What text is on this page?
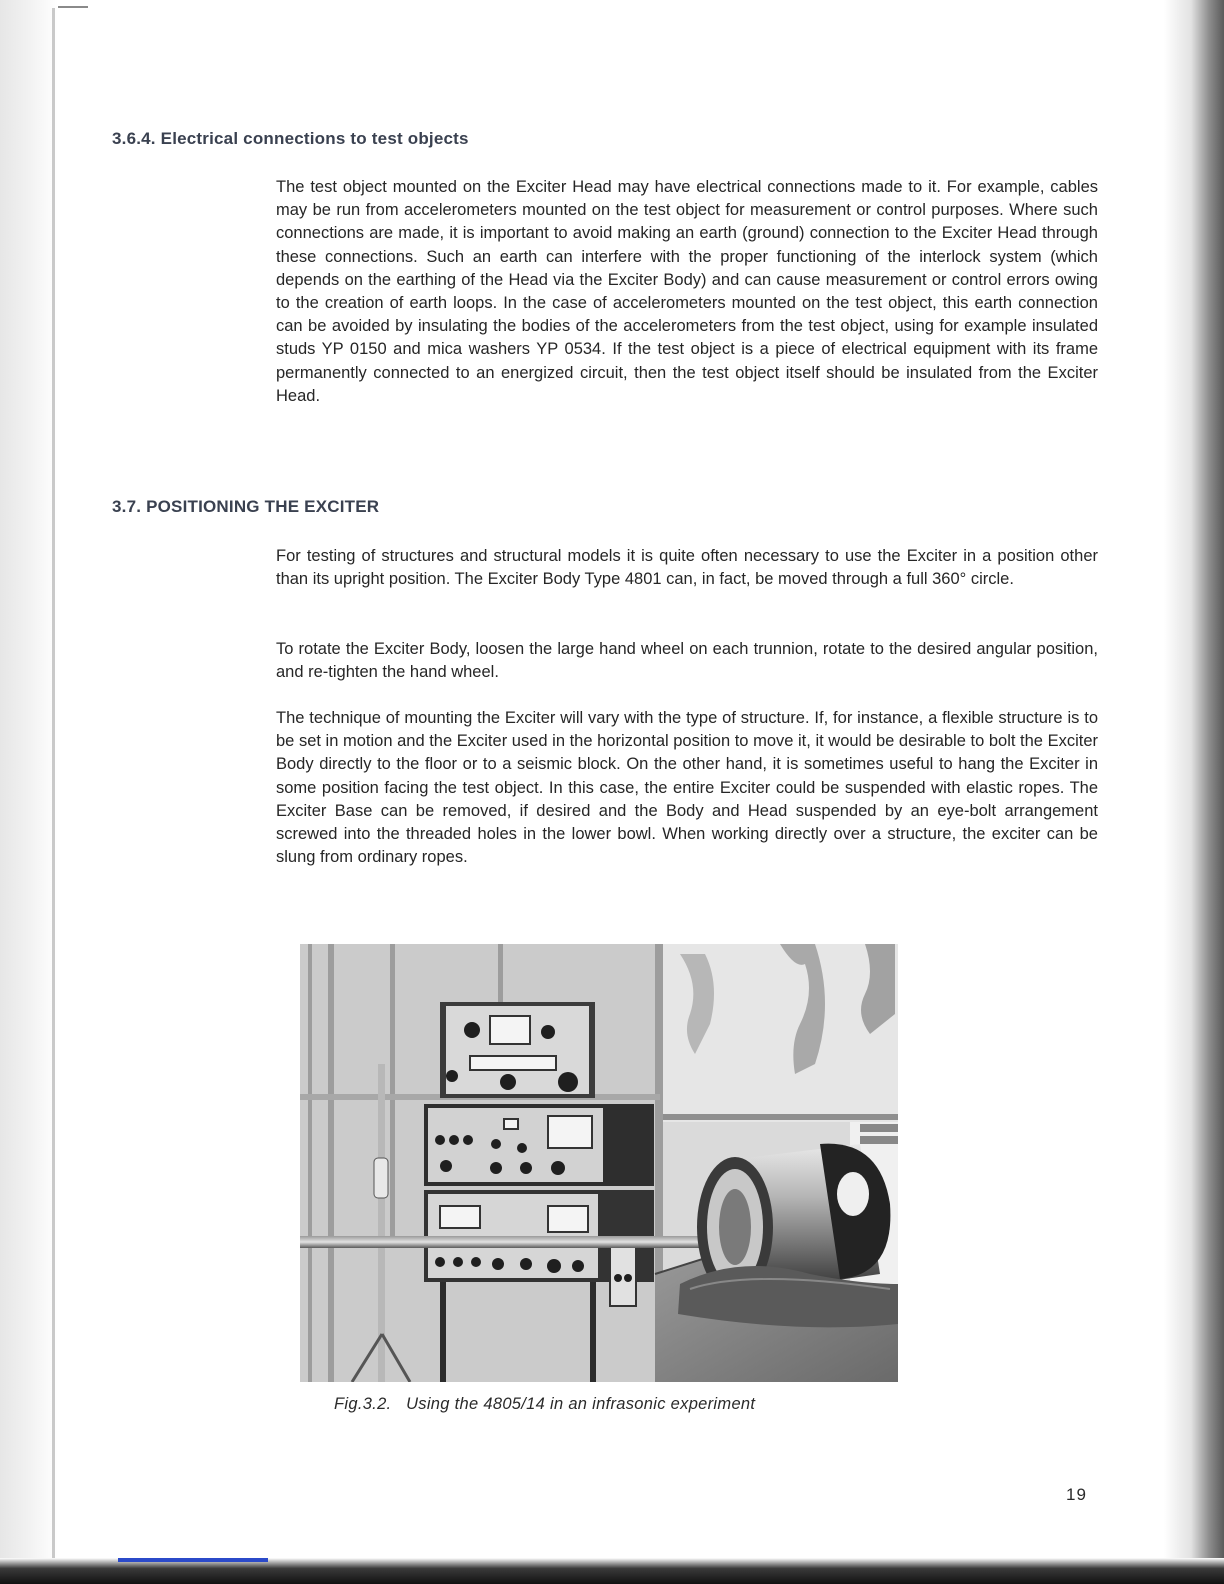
3.6.4. Electrical connections to test objects

The test object mounted on the Exciter Head may have electrical connections made to it. For example, cables may be run from accelerometers mounted on the test object for measurement or control purposes. Where such connections are made, it is important to avoid making an earth (ground) connection to the Exciter Head through these connections. Such an earth can interfere with the proper functioning of the interlock system (which depends on the earthing of the Head via the Exciter Body) and can cause measurement or control errors owing to the creation of earth loops. In the case of accelerometers mounted on the test object, this earth connection can be avoided by insulating the bodies of the accelerometers from the test object, using for example insulated studs YP 0150 and mica washers YP 0534. If the test object is a piece of electrical equipment with its frame permanently connected to an energized circuit, then the test object itself should be insulated from the Exciter Head.

3.7. POSITIONING THE EXCITER

For testing of structures and structural models it is quite often necessary to use the Exciter in a position other than its upright position. The Exciter Body Type 4801 can, in fact, be moved through a full 360° circle.

To rotate the Exciter Body, loosen the large hand wheel on each trunnion, rotate to the desired angular position, and re-tighten the hand wheel.

The technique of mounting the Exciter will vary with the type of structure. If, for instance, a flexible structure is to be set in motion and the Exciter used in the horizontal position to move it, it would be desirable to bolt the Exciter Body directly to the floor or to a seismic block. On the other hand, it is sometimes useful to hang the Exciter in some position facing the test object. In this case, the entire Exciter could be suspended with elastic ropes. The Exciter Base can be removed, if desired and the Body and Head suspended by an eye-bolt arrangement screwed into the threaded holes in the lower bowl. When working directly over a structure, the exciter can be slung from ordinary ropes.

Fig.3.2.   Using the 4805/14 in an infrasonic experiment

19
